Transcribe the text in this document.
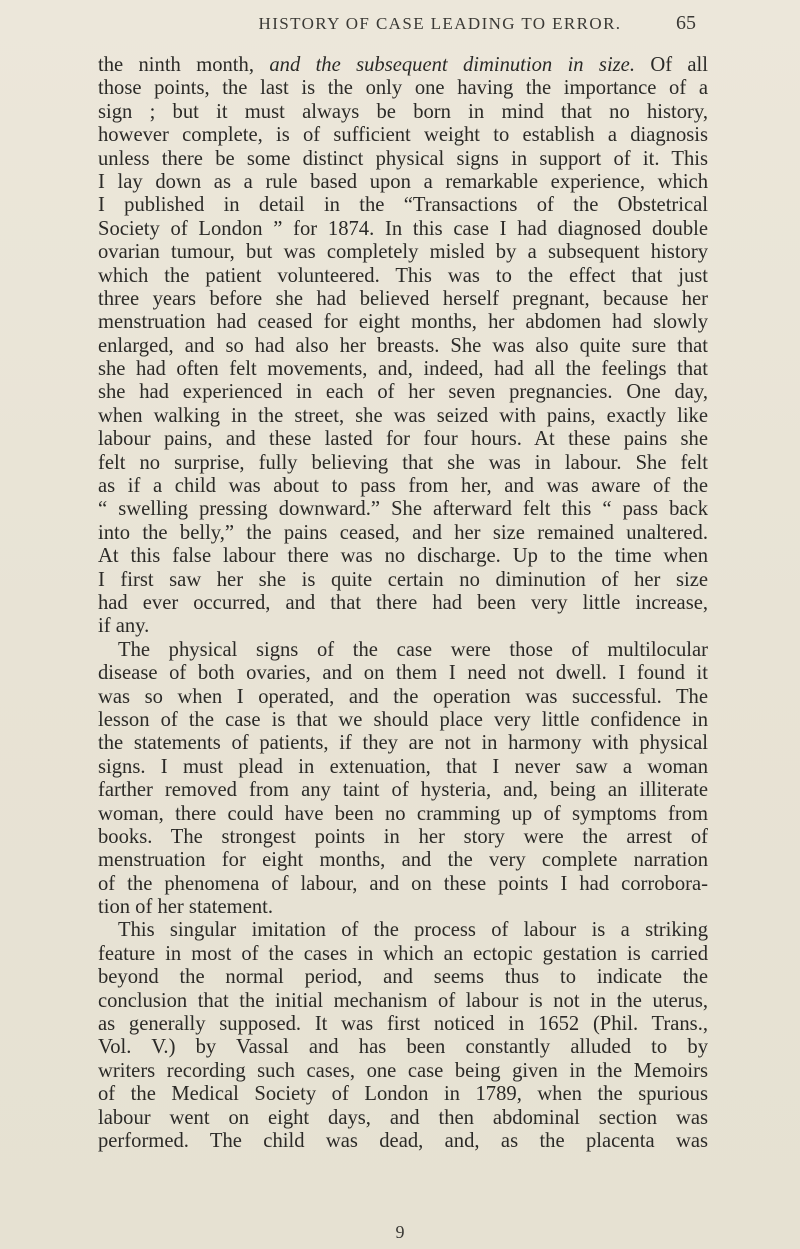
HISTORY OF CASE LEADING TO ERROR.	65
the ninth month, and the subsequent diminution in size. Of all
those points, the last is the only one having the importance of a
sign ; but it must always be born in mind that no history,
however complete, is of sufficient weight to establish a diagnosis
unless there be some distinct physical signs in support of it. This
I lay down as a rule based upon a remarkable experience, which
I published in detail in the “Transactions of the Obstetrical
Society of London ” for 1874. In this case I had diagnosed double
ovarian tumour, but was completely misled by a subsequent history
which the patient volunteered. This was to the effect that just
three years before she had believed herself pregnant, because her
menstruation had ceased for eight months, her abdomen had slowly
enlarged, and so had also her breasts. She was also quite sure that
she had often felt movements, and, indeed, had all the feelings that
she had experienced in each of her seven pregnancies. One day,
when walking in the street, she was seized with pains, exactly like
labour pains, and these lasted for four hours. At these pains she
felt no surprise, fully believing that she was in labour. She felt
as if a child was about to pass from her, and was aware of the
“ swelling pressing downward.” She afterward felt this “ pass back
into the belly,” the pains ceased, and her size remained unaltered.
At this false labour there was no discharge. Up to the time when
I first saw her she is quite certain no diminution of her size
had ever occurred, and that there had been very little increase,
if any.
The physical signs of the case were those of multilocular
disease of both ovaries, and on them I need not dwell. I found it
was so when I operated, and the operation was successful. The
lesson of the case is that we should place very little confidence in
the statements of patients, if they are not in harmony with physical
signs. I must plead in extenuation, that I never saw a woman
farther removed from any taint of hysteria, and, being an illiterate
woman, there could have been no cramming up of symptoms from
books. The strongest points in her story were the arrest of
menstruation for eight months, and the very complete narration
of the phenomena of labour, and on these points I had corrobora-
tion of her statement.
This singular imitation of the process of labour is a striking
feature in most of the cases in which an ectopic gestation is carried
beyond the normal period, and seems thus to indicate the
conclusion that the initial mechanism of labour is not in the uterus,
as generally supposed. It was first noticed in 1652 (Phil. Trans.,
Vol. V.) by Vassal and has been constantly alluded to by
writers recording such cases, one case being given in the Memoirs
of the Medical Society of London in 1789, when the spurious
labour went on eight days, and then abdominal section was
performed. The child was dead, and, as the placenta was
9
